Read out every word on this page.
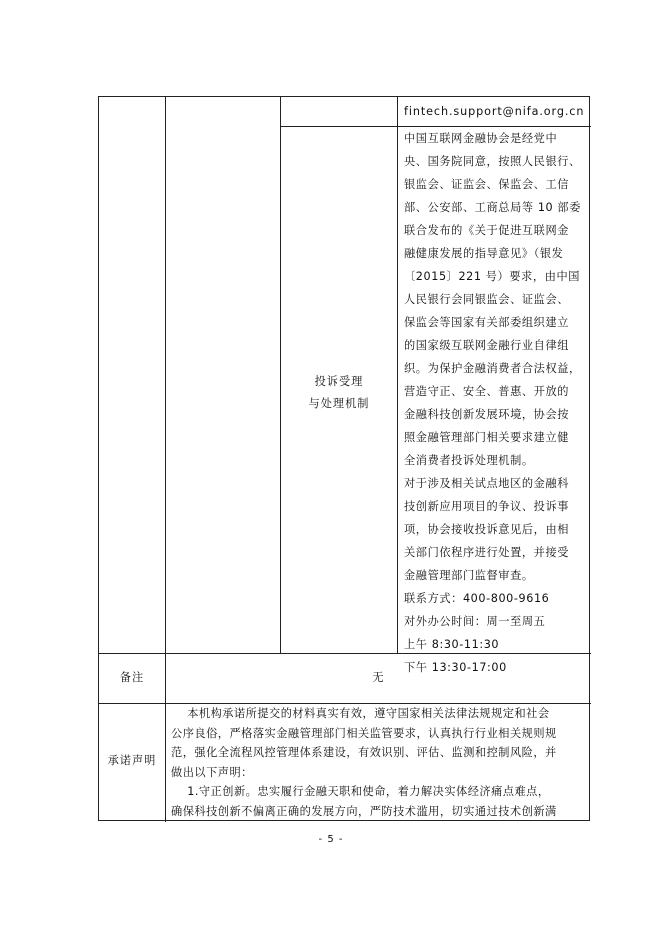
fintech.support@nifa.org.cn
投诉受理
与处理机制
中国互联网金融协会是经党中
央、国务院同意，按照人民银行、
银监会、证监会、保监会、工信
部、公安部、工商总局等 10 部委
联合发布的《关于促进互联网金
融健康发展的指导意见》（银发
〔2015〕221 号）要求，由中国
人民银行会同银监会、证监会、
保监会等国家有关部委组织建立
的国家级互联网金融行业自律组
织。为保护金融消费者合法权益，
营造守正、安全、普惠、开放的
金融科技创新发展环境，协会按
照金融管理部门相关要求建立健
全消费者投诉处理机制。
对于涉及相关试点地区的金融科
技创新应用项目的争议、投诉事
项，协会接收投诉意见后，由相
关部门依程序进行处置，并接受
金融管理部门监督审查。
联系方式：400-800-9616
对外办公时间：周一至周五
上午 8:30-11:30
下午 13:30-17:00
备注	无
承诺声明
本机构承诺所提交的材料真实有效，遵守国家相关法律法规规定和社会
公序良俗，严格落实金融管理部门相关监管要求，认真执行行业相关规则规
范，强化全流程风控管理体系建设，有效识别、评估、监测和控制风险，并
做出以下声明：
1.守正创新。忠实履行金融天职和使命，着力解决实体经济痛点难点，
确保科技创新不偏离正确的发展方向，严防技术滥用，切实通过技术创新满
- 5 -
